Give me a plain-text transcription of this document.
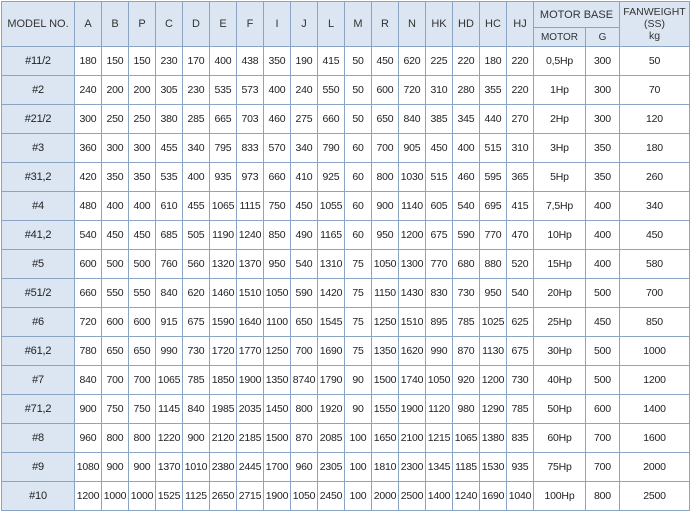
MODEL NO.	A	B	P	C	D	E	F	I	J	L	M	R	N	HK	HD	HC	HJ	MOTOR BASE		FANWEIGHT
(SS)
kg
																		MOTOR	G	
#11/2	180	150	150	230	170	400	438	350	190	415	50	450	620	225	220	180	220	0,5Hp	300	50
#2	240	200	200	305	230	535	573	400	240	550	50	600	720	310	280	355	220	1Hp	300	70
#21/2	300	250	250	380	285	665	703	460	275	660	50	650	840	385	345	440	270	2Hp	300	120
#3	360	300	300	455	340	795	833	570	340	790	60	700	905	450	400	515	310	3Hp	350	180
#31,2	420	350	350	535	400	935	973	660	410	925	60	800	1030	515	460	595	365	5Hp	350	260
#4	480	400	400	610	455	1065	1115	750	450	1055	60	900	1140	605	540	695	415	7,5Hp	400	340
#41,2	540	450	450	685	505	1190	1240	850	490	1165	60	950	1200	675	590	770	470	10Hp	400	450
#5	600	500	500	760	560	1320	1370	950	540	1310	75	1050	1300	770	680	880	520	15Hp	400	580
#51/2	660	550	550	840	620	1460	1510	1050	590	1420	75	1150	1430	830	730	950	540	20Hp	500	700
#6	720	600	600	915	675	1590	1640	1100	650	1545	75	1250	1510	895	785	1025	625	25Hp	450	850
#61,2	780	650	650	990	730	1720	1770	1250	700	1690	75	1350	1620	990	870	1130	675	30Hp	500	1000
#7	840	700	700	1065	785	1850	1900	1350	8740	1790	90	1500	1740	1050	920	1200	730	40Hp	500	1200
#71,2	900	750	750	1145	840	1985	2035	1450	800	1920	90	1550	1900	1120	980	1290	785	50Hp	600	1400
#8	960	800	800	1220	900	2120	2185	1500	870	2085	100	1650	2100	1215	1065	1380	835	60Hp	700	1600
#9	1080	900	900	1370	1010	2380	2445	1700	960	2305	100	1810	2300	1345	1185	1530	935	75Hp	700	2000
#10	1200	1000	1000	1525	1125	2650	2715	1900	1050	2450	100	2000	2500	1400	1240	1690	1040	100Hp	800	2500
